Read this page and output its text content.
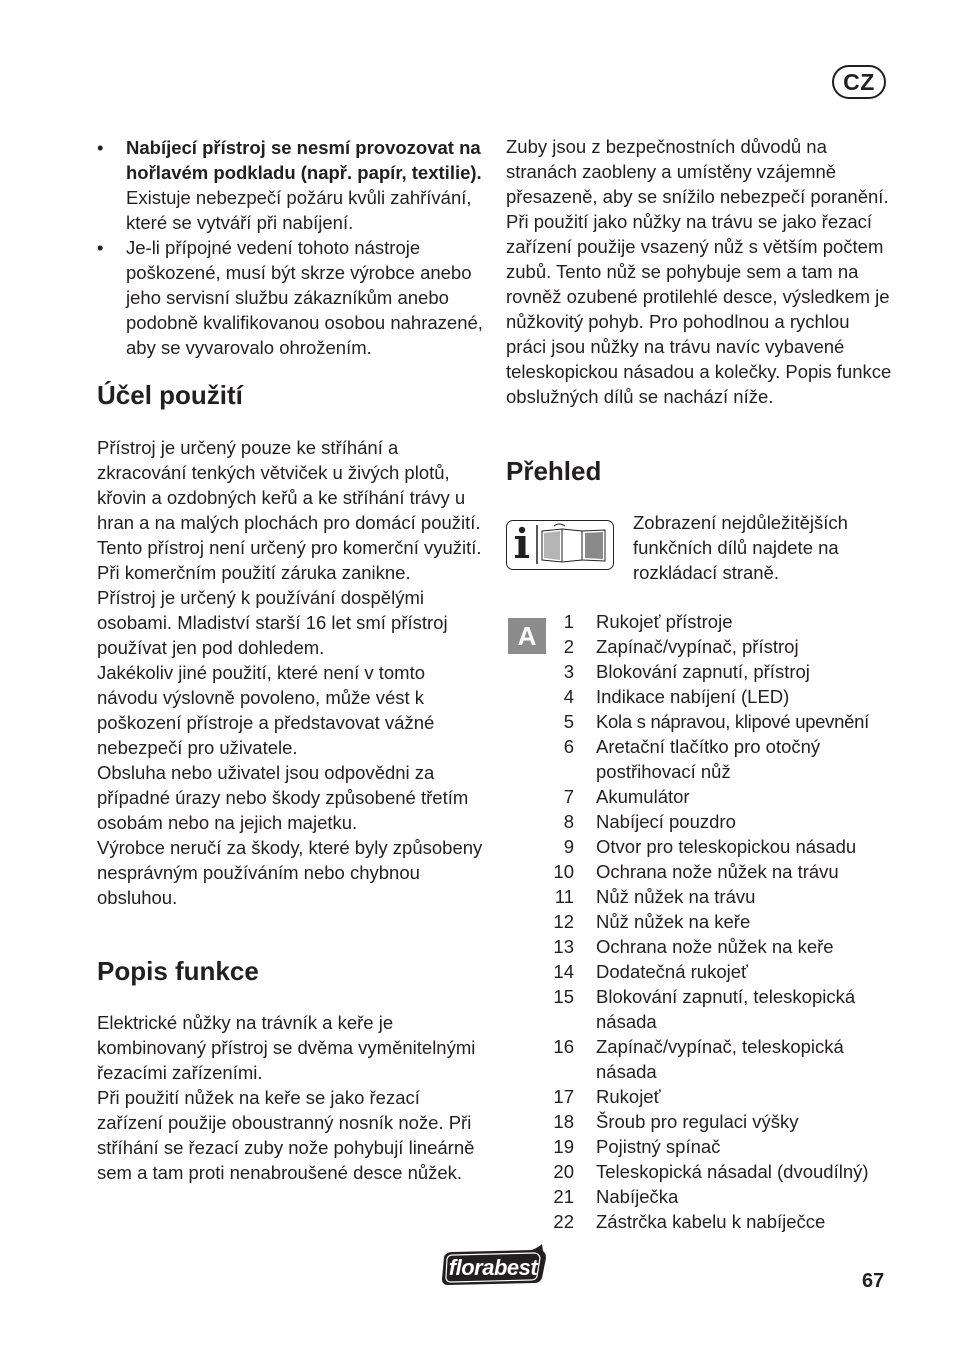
CZ
• Nabíjecí přístroj se nesmí provozovat na hořlavém podkladu (např. papír, textilie). Existuje nebezpečí požáru kvůli zahřívání, které se vytváří při nabíjení.

• Je-li přípojné vedení tohoto nástroje poškozené, musí být skrze výrobce anebo jeho servisní službu zákazníkům anebo podobně kvalifikovanou osobou nahrazené, aby se vyvarovalo ohrožením.

Účel použití

Přístroj je určený pouze ke stříhání a zkracování tenkých větviček u živých plotů, křovin a ozdobných keřů a ke stříhání trávy u hran a na malých plochách pro domácí použití.

Tento přístroj není určený pro komerční využití. Při komerčním použití záruka zanikne.

Přístroj je určený k používání dospělými osobami. Mladiství starší 16 let smí přístroj používat jen pod dohledem.

Jakékoliv jiné použití, které není v tomto návodu výslovně povoleno, může vést k poškození přístroje a představovat vážné nebezpečí pro uživatele.

Obsluha nebo uživatel jsou odpovědni za případné úrazy nebo škody způsobené třetím osobám nebo na jejich majetku.

Výrobce neručí za škody, které byly způsobeny nesprávným používáním nebo chybnou obsluhou.

Popis funkce

Elektrické nůžky na trávník a keře je kombinovaný přístroj se dvěma vyměnitelnými řezacími zařízeními.

Při použití nůžek na keře se jako řezací zařízení použije oboustranný nosník nože. Při stříhání se řezací zuby nože pohybují lineárně sem a tam proti nenabroušené desce nůžek.

Zuby jsou z bezpečnostních důvodů na stranách zaobleny a umístěny vzájemně přesazeně, aby se snížilo nebezpečí poranění.

Při použití jako nůžky na trávu se jako řezací zařízení použije vsazený nůž s větším počtem zubů. Tento nůž se pohybuje sem a tam na rovněž ozubené protilehlé desce, výsledkem je nůžkovitý pohyb. Pro pohodlnou a rychlou práci jsou nůžky na trávu navíc vybavené teleskopickou násadou a kolečky. Popis funkce obslužných dílů se nachází níže.

Přehled

Zobrazení nejdůležitějších funkčních dílů najdete na rozkládací straně.

A	1 Rukojeť přístroje
2 Zapínač/vypínač, přístroj
3 Blokování zapnutí, přístroj
4 Indikace nabíjení (LED)
5 Kola s nápravou, klipové upevnění
6 Aretační tlačítko pro otočný postřihovací nůž
7 Akumulátor
8 Nabíjecí pouzdro
9 Otvor pro teleskopickou násadu
10 Ochrana nože nůžek na trávu
11 Nůž nůžek na trávu
12 Nůž nůžek na keře
13 Ochrana nože nůžek na keře
14 Dodatečná rukojeť
15 Blokování zapnutí, teleskopická násada
16 Zapínač/vypínač, teleskopická násada
17 Rukojeť
18 Šroub pro regulaci výšky
19 Pojistný spínač
20 Teleskopická násadal (dvoudílný)
21 Nabíječka
22 Zástrčka kabelu k nabíječce
florabest
67
